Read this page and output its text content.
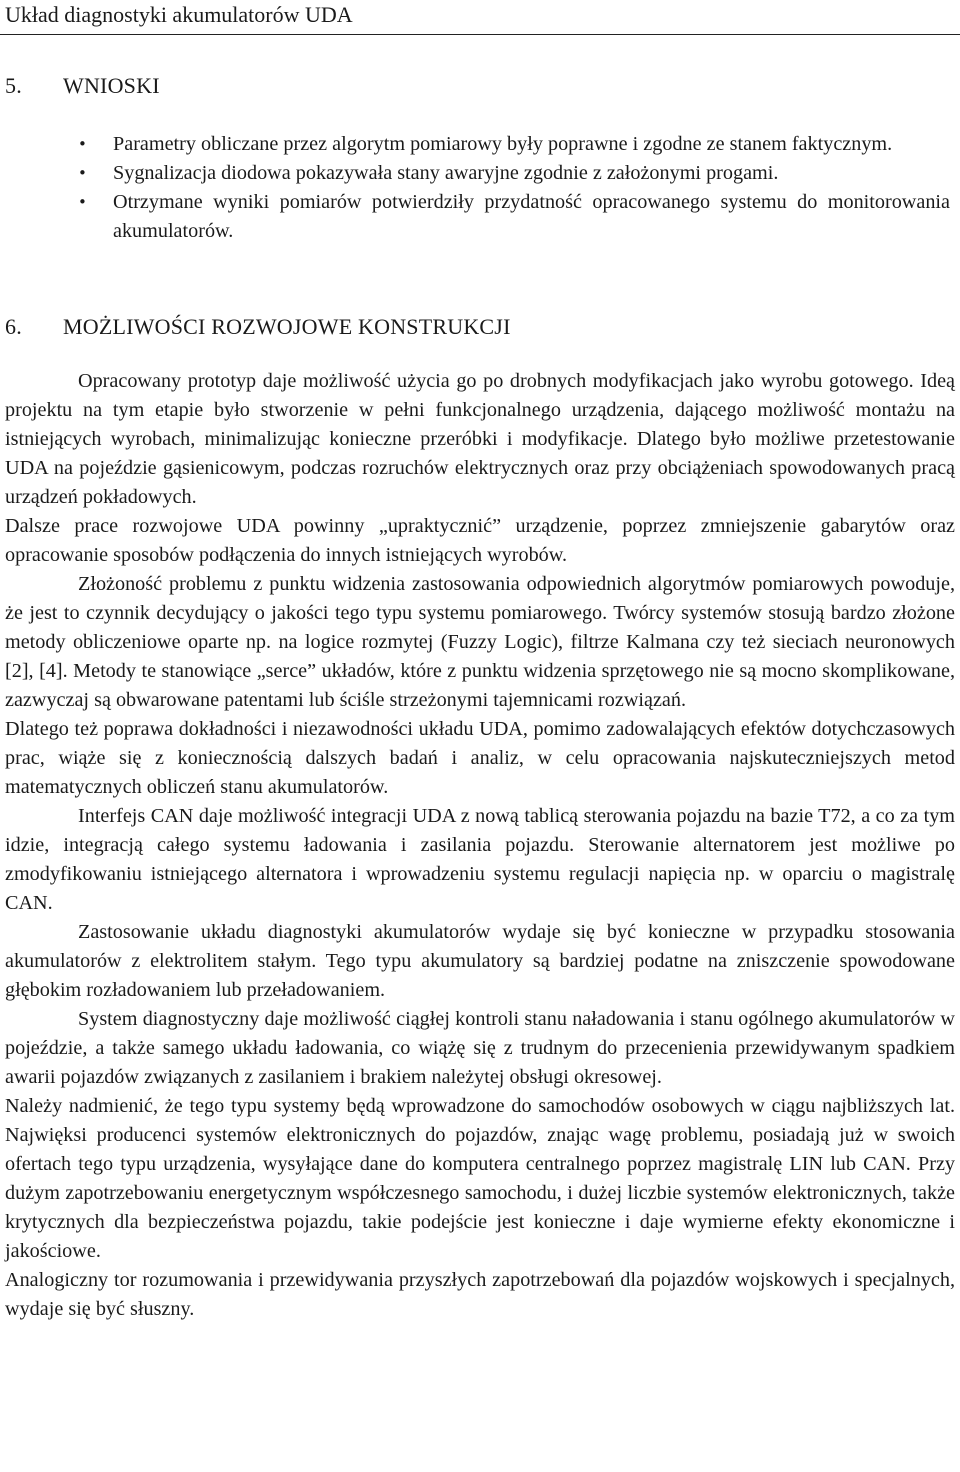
Układ diagnostyki akumulatorów UDA
5. WNIOSKI
• Parametry obliczane przez algorytm pomiarowy były poprawne i zgodne ze stanem faktycznym.
• Sygnalizacja diodowa pokazywała stany awaryjne zgodnie z założonymi progami.
• Otrzymane wyniki pomiarów potwierdziły przydatność opracowanego systemu do monitorowania akumulatorów.
6. MOŻLIWOŚCI ROZWOJOWE KONSTRUKCJI

Opracowany prototyp daje możliwość użycia go po drobnych modyfikacjach jako wyrobu gotowego. Ideą projektu na tym etapie było stworzenie w pełni funkcjonalnego urządzenia, dającego możliwość montażu na istniejących wyrobach, minimalizując konieczne przeróbki i modyfikacje. Dlatego było możliwe przetestowanie UDA na pojeździe gąsienicowym, podczas rozruchów elektrycznych oraz przy obciążeniach spowodowanych pracą urządzeń pokładowych.

Dalsze prace rozwojowe UDA powinny „upraktycznić” urządzenie, poprzez zmniejszenie gabarytów oraz opracowanie sposobów podłączenia do innych istniejących wyrobów.

Złożoność problemu z punktu widzenia zastosowania odpowiednich algorytmów pomiarowych powoduje, że jest to czynnik decydujący o jakości tego typu systemu pomiarowego. Twórcy systemów stosują bardzo złożone metody obliczeniowe oparte np. na logice rozmytej (Fuzzy Logic), filtrze Kalmana czy też sieciach neuronowych [2], [4]. Metody te stanowiące „serce” układów, które z punktu widzenia sprzętowego nie są mocno skomplikowane, zazwyczaj są obwarowane patentami lub ściśle strzeżonymi tajemnicami rozwiązań.

Dlatego też poprawa dokładności i niezawodności układu UDA, pomimo zadowalających efektów dotychczasowych prac, wiąże się z koniecznością dalszych badań i analiz, w celu opracowania najskuteczniejszych metod matematycznych obliczeń stanu akumulatorów.

Interfejs CAN daje możliwość integracji UDA z nową tablicą sterowania pojazdu na bazie T72, a co za tym idzie, integracją całego systemu ładowania i zasilania pojazdu. Sterowanie alternatorem jest możliwe po zmodyfikowaniu istniejącego alternatora i wprowadzeniu systemu regulacji napięcia np. w oparciu o magistralę CAN.

Zastosowanie układu diagnostyki akumulatorów wydaje się być konieczne w przypadku stosowania akumulatorów z elektrolitem stałym. Tego typu akumulatory są bardziej podatne na zniszczenie spowodowane głębokim rozładowaniem lub przeładowaniem.

System diagnostyczny daje możliwość ciągłej kontroli stanu naładowania i stanu ogólnego akumulatorów w pojeździe, a także samego układu ładowania, co wiążę się z trudnym do przecenienia przewidywanym spadkiem awarii pojazdów związanych z zasilaniem i brakiem należytej obsługi okresowej.

Należy nadmienić, że tego typu systemy będą wprowadzone do samochodów osobowych w ciągu najbliższych lat. Najwięksi producenci systemów elektronicznych do pojazdów, znając wagę problemu, posiadają już w swoich ofertach tego typu urządzenia, wysyłające dane do komputera centralnego poprzez magistralę LIN lub CAN. Przy dużym zapotrzebowaniu energetycznym współczesnego samochodu, i dużej liczbie systemów elektronicznych, także krytycznych dla bezpieczeństwa pojazdu, takie podejście jest konieczne i daje wymierne efekty ekonomiczne i jakościowe.

Analogiczny tor rozumowania i przewidywania przyszłych zapotrzebowań dla pojazdów wojskowych i specjalnych, wydaje się być słuszny.
